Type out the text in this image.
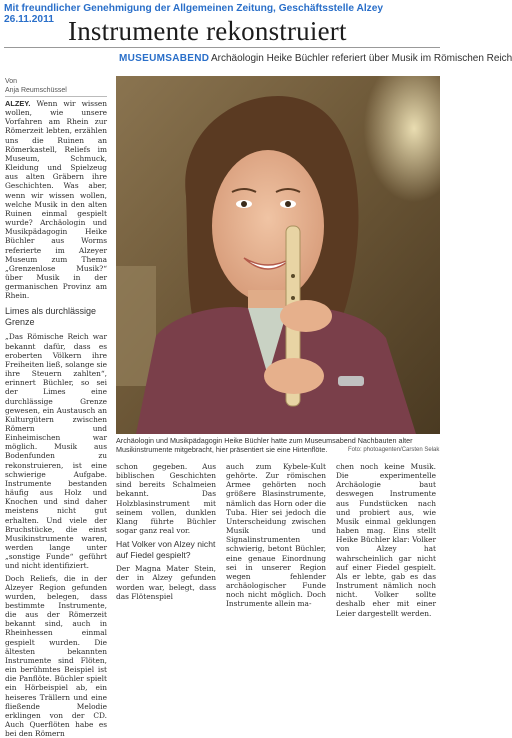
Mit freundlicher Genehmigung der Allgemeinen Zeitung, Geschäftsstelle Alzey
26.11.2011 Instrumente rekonstruiert
MUSEUMSABEND Archäologin Heike Büchler referiert über Musik im Römischen Reich
Von
Anja Reumschüssel

ALZEY. Wenn wir wissen wollen, wie unsere Vorfahren am Rhein zur Römerzeit lebten, erzählen uns die Ruinen an Römerkastell, Reliefs im Museum, Schmuck, Kleidung und Spielzeug aus alten Gräbern ihre Geschichten. Was aber, wenn wir wissen wollen, welche Musik in den alten Ruinen einmal gespielt wurde? Archäologin und Musikpädagogin Heike Büchler aus Worms referierte im Alzeyer Museum zum Thema „Grenzenlose Musik?“ über Musik in der germanischen Provinz am Rhein.

Limes als durchlässige Grenze

„Das Römische Reich war bekannt dafür, dass es eroberten Völkern ihre Freiheiten ließ, solange sie ihre Steuern zahlten“, erinnert Büchler, so sei der Limes eine durchlässige Grenze gewesen, ein Austausch an Kulturgütern zwischen Römern und Einheimischen war möglich. Musik aus Bodenfunden zu rekonstruieren, ist eine schwierige Aufgabe. Instrumente bestanden häufig aus Holz und Knochen und sind daher meistens nicht gut erhalten. Und viele der Bruchstücke, die einst Musikinstrumente waren, werden lange unter „sonstige Funde“ geführt und nicht identifiziert.

Doch Reliefs, die in der Alzeyer Region gefunden wurden, belegen, dass bestimmte Instrumente, die aus der Römerzeit bekannt sind, auch in Rheinhessen einmal gespielt wurden. Die ältesten bekannten Instrumente sind Flöten, ein berühmtes Beispiel ist die Panflöte. Büchler spielt ein Hörbeispiel ab, ein heiseres Trällern und eine fließende Melodie erklingen von der CD. Auch Querflöten habe es bei den Römern

Archäologin und Musikpädagogin Heike Büchler hatte zum Museumsabend Nachbauten alter Musikinstrumente mitgebracht, hier präsentiert sie eine Hirtenflöte.	Foto: photoagenten/Carsten Selak

schon gegeben. Aus biblischen Geschichten sind bereits Schalmeien bekannt. Das Holzblasinstrument mit seinem vollen, dunklen Klang führte Büchler sogar ganz real vor.

Hat Volker von Alzey nicht auf Fiedel gespielt?

Der Magna Mater Stein, der in Alzey gefunden worden war, belegt, dass das Flötenspiel

auch zum Kybele-Kult gehörte. Zur römischen Armee gehörten noch größere Blasinstrumente, nämlich das Horn oder die Tuba. Hier sei jedoch die Unterscheidung zwischen Musik und Signalinstrumenten schwierig, betont Büchler, eine genaue Einordnung sei in unserer Region wegen fehlender archäologischer Funde noch nicht möglich. Doch Instrumente allein ma-

chen noch keine Musik. Die experimentelle Archäologie baut deswegen Instrumente aus Fundstücken nach und probiert aus, wie Musik einmal geklungen haben mag. Eins stellt Heike Büchler klar: Volker von Alzey hat wahrscheinlich gar nicht auf einer Fiedel gespielt. Als er lebte, gab es das Instrument nämlich noch nicht. Volker sollte deshalb eher mit einer Leier dargestellt werden.
